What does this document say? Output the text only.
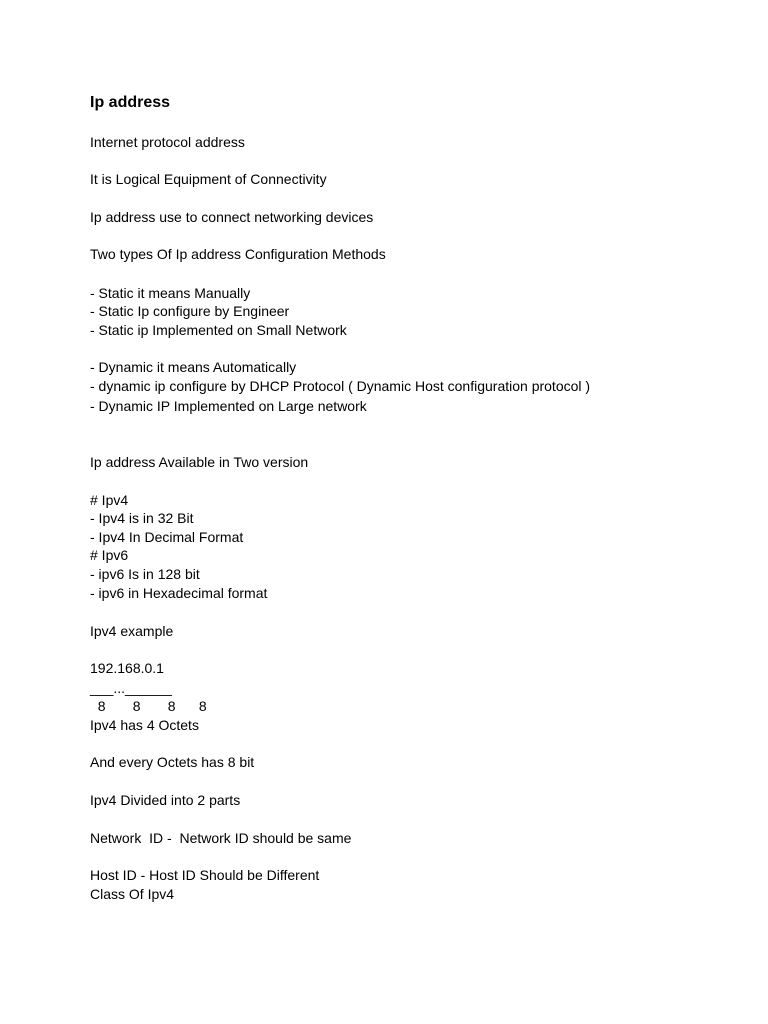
Ip address
Internet protocol address
It is Logical Equipment of Connectivity
Ip address use to connect networking devices
Two types Of Ip address Configuration Methods
- Static it means Manually
- Static Ip configure by Engineer
- Static ip Implemented on Small Network
- Dynamic it means Automatically
- dynamic ip configure by DHCP Protocol ( Dynamic Host configuration protocol )
- Dynamic IP Implemented on Large network
Ip address Available in Two version
# Ipv4
- Ipv4 is in 32 Bit
- Ipv4 In Decimal Format
# Ipv6
- ipv6 Is in 128 bit
- ipv6 in Hexadecimal format
Ipv4 example
192.168.0.1
___...______
8       8       8      8
Ipv4 has 4 Octets
And every Octets has 8 bit
Ipv4 Divided into 2 parts
Network  ID -  Network ID should be same
Host ID - Host ID Should be Different
Class Of Ipv4
